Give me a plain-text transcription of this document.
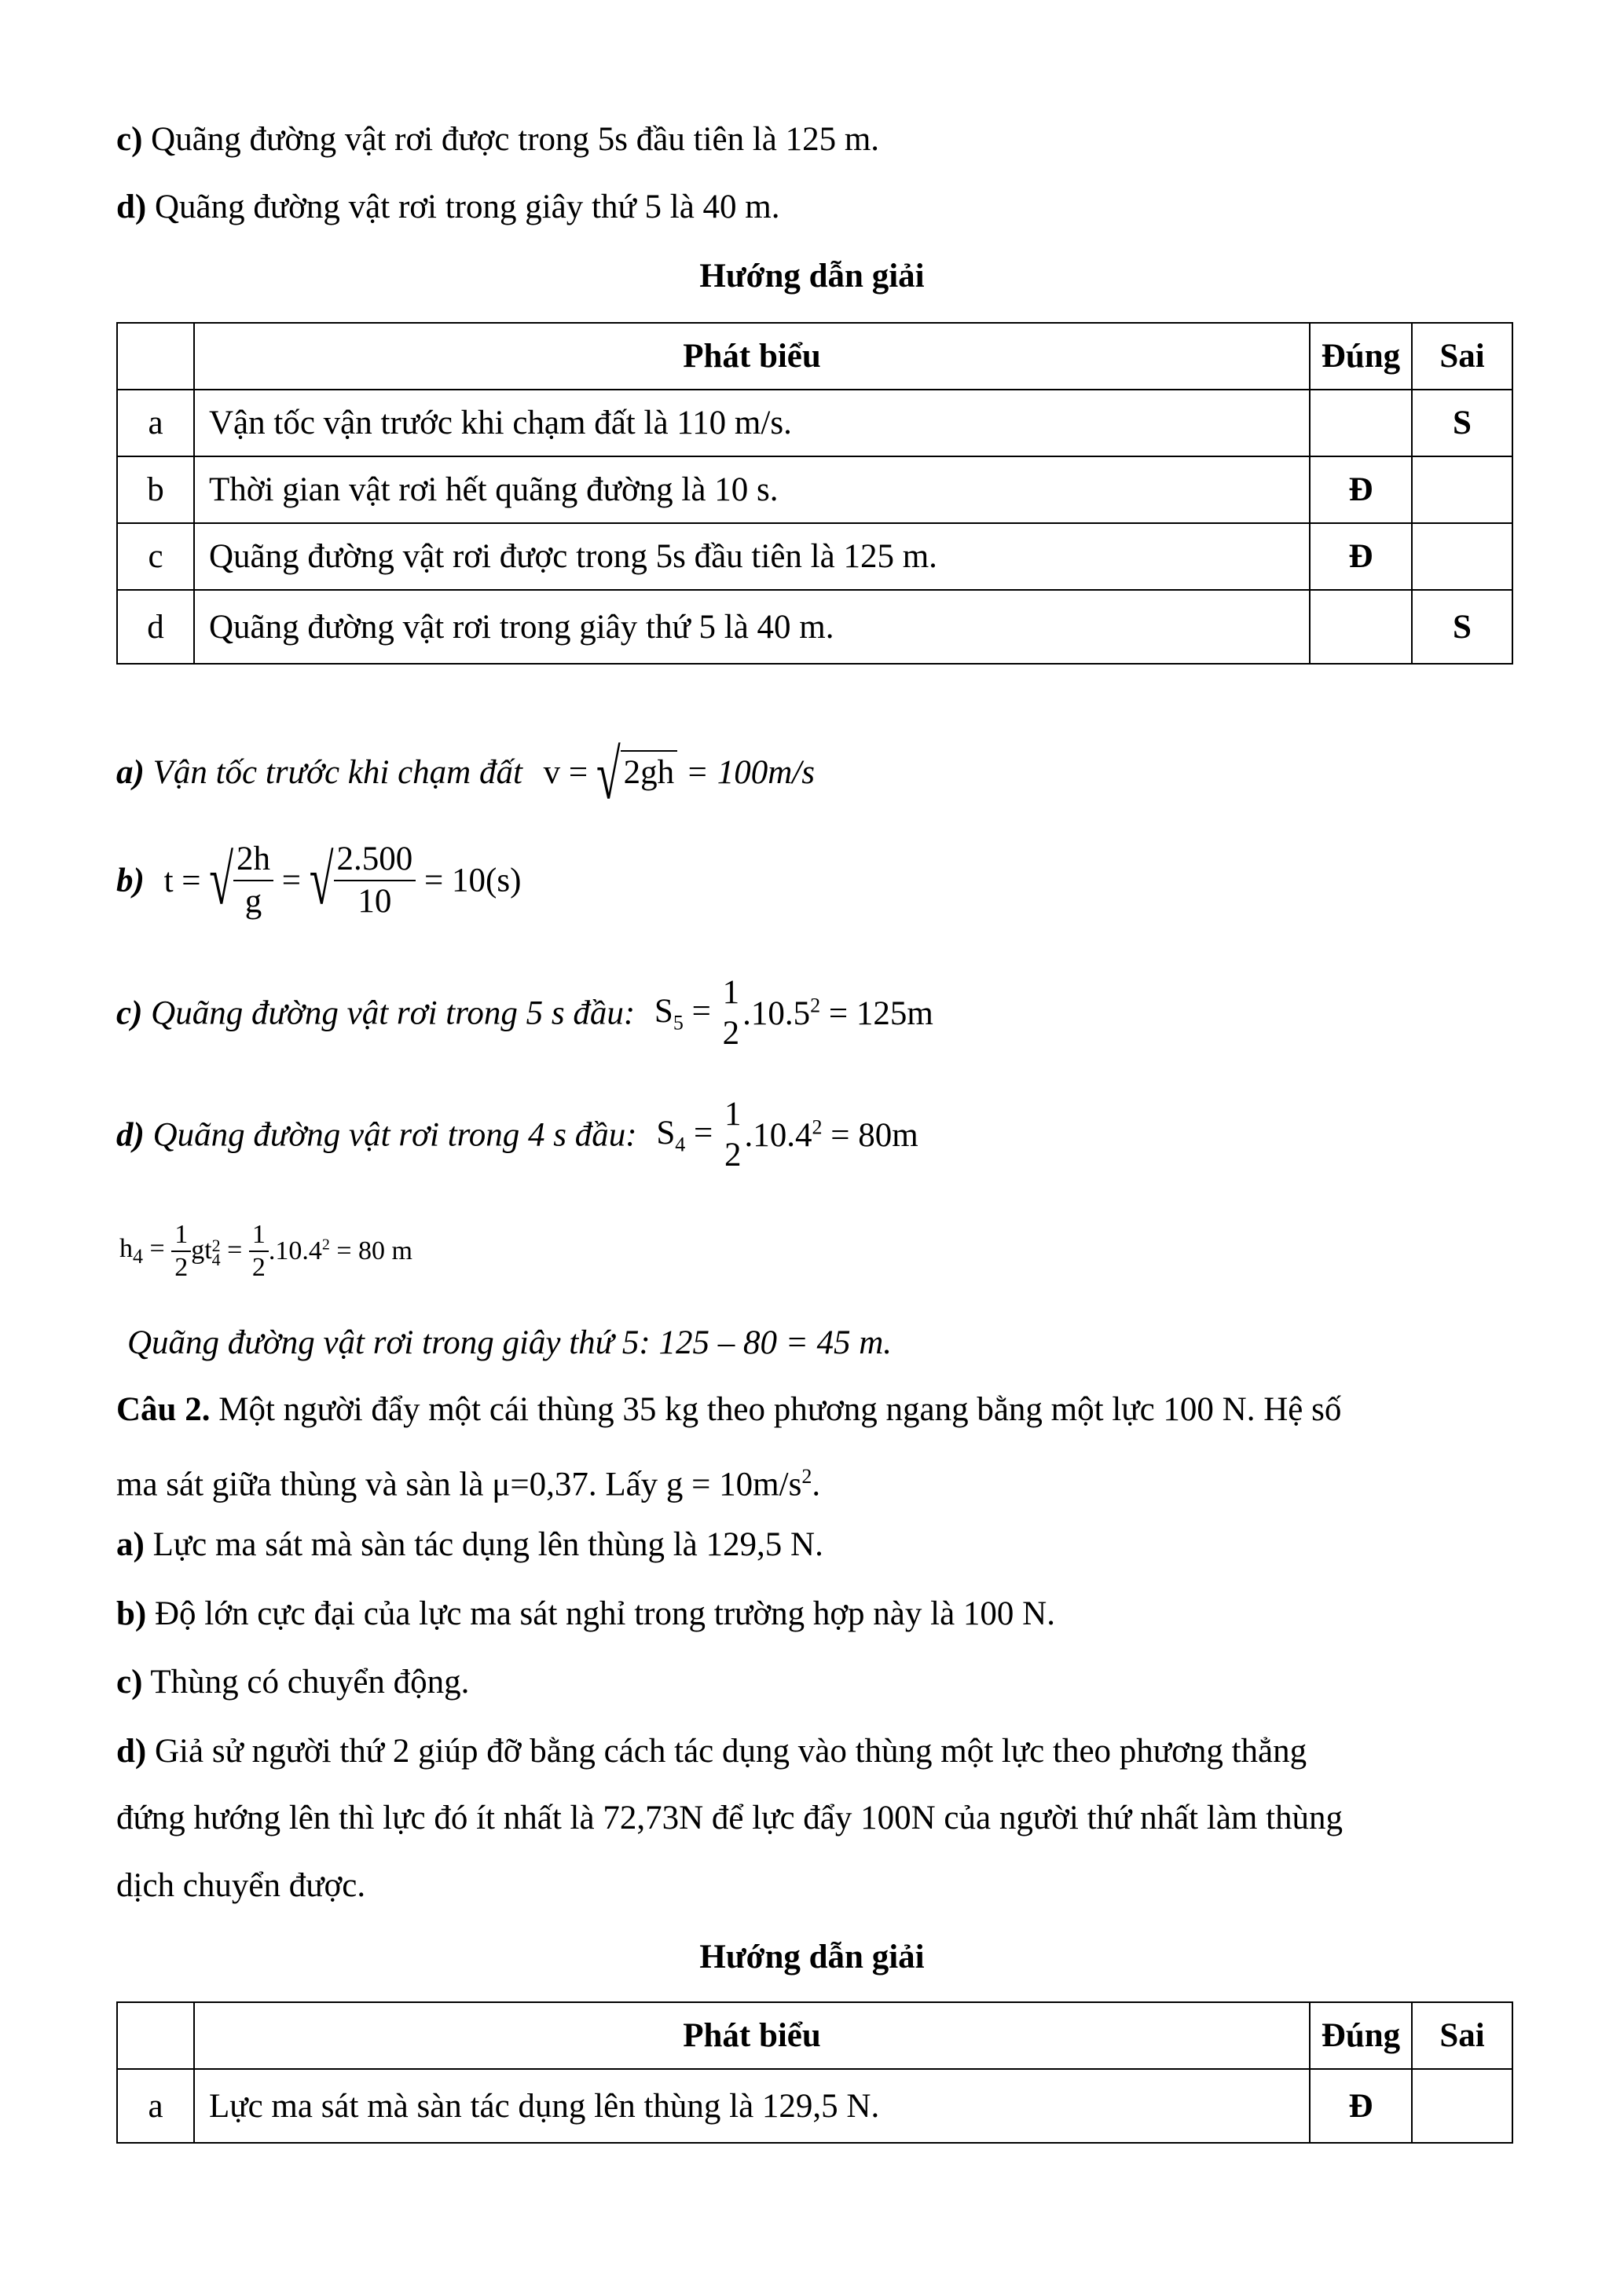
c) Quãng đường vật rơi được trong 5s đầu tiên là 125 m.
d) Quãng đường vật rơi trong giây thứ 5 là 40 m.
Hướng dẫn giải
	Phát biểu	Đúng	Sai
a	Vận tốc vận trước khi chạm đất là 110 m/s.		S
b	Thời gian vật rơi hết quãng đường là 10 s.	Đ	
c	Quãng đường vật rơi được trong 5s đầu tiên là 125 m.	Đ	
d	Quãng đường vật rơi trong giây thứ 5 là 40 m.		S
a) Vận tốc trước khi chạm đất v = √2gh = 100m/s
b) t = √ $\frac{2h}{g}$ = √ $\frac{2.500}{10} = 10(s)$
c) Quãng đường vật rơi trong 5 s đầu: $S_5$ =
1
2
$.10.5^2 = 125m$
d) Quãng đường vật rơi trong 4 s đầu: $S_4$ =
1
2
$.10.4^2 = 80m$
$h_4 = \frac{1}{2}$ gt 2
$4 = \frac{1}{2} .10.4^2 = 80$ m
Quãng đường vật rơi trong giây thứ 5: 125 – 80 = 45 m.
Câu 2. Một người đẩy một cái thùng 35 kg theo phương ngang bằng một lực 100 N. Hệ số
ma sát giữa thùng và sàn là μ=0,37. Lấy $g = 10m/s^2$.
a) Lực ma sát mà sàn tác dụng lên thùng là 129,5 N.
b) Độ lớn cực đại của lực ma sát nghỉ trong trường hợp này là 100 N.
c) Thùng có chuyển động.
d) Giả sử người thứ 2 giúp đỡ bằng cách tác dụng vào thùng một lực theo phương thẳng
đứng hướng lên thì lực đó ít nhất là 72,73N để lực đẩy 100N của người thứ nhất làm thùng
dịch chuyển được.
Hướng dẫn giải
	Phát biểu	Đúng	Sai
a	Lực ma sát mà sàn tác dụng lên thùng là 129,5 N.	Đ	
